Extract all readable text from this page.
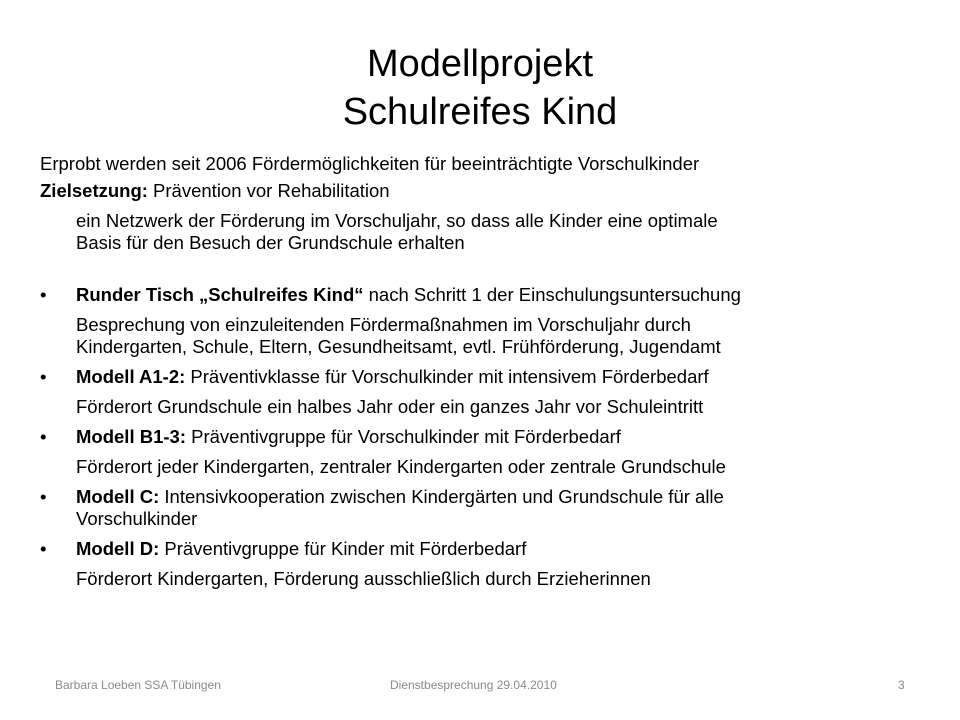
Modellprojekt
Schulreifes Kind
Erprobt werden seit 2006 Fördermöglichkeiten für beeinträchtigte Vorschulkinder
Zielsetzung: Prävention vor Rehabilitation
ein Netzwerk der Förderung im Vorschuljahr, so dass alle Kinder eine optimale
Basis für den Besuch der Grundschule erhalten
• Runder Tisch „Schulreifes Kind“ nach Schritt 1 der Einschulungsuntersuchung
Besprechung von einzuleitenden Fördermaßnahmen im Vorschuljahr durch
Kindergarten, Schule, Eltern, Gesundheitsamt, evtl. Frühförderung, Jugendamt
• Modell A1-2: Präventivklasse für Vorschulkinder mit intensivem Förderbedarf
Förderort Grundschule ein halbes Jahr oder ein ganzes Jahr vor Schuleintritt
• Modell B1-3: Präventivgruppe für Vorschulkinder mit Förderbedarf
Förderort jeder Kindergarten, zentraler Kindergarten oder zentrale Grundschule
• Modell C: Intensivkooperation zwischen Kindergärten und Grundschule für alle
Vorschulkinder
• Modell D: Präventivgruppe für Kinder mit Förderbedarf
Förderort Kindergarten, Förderung ausschließlich durch Erzieherinnen
Barbara Loeben SSA Tübingen	Dienstbesprechung 29.04.2010	3
